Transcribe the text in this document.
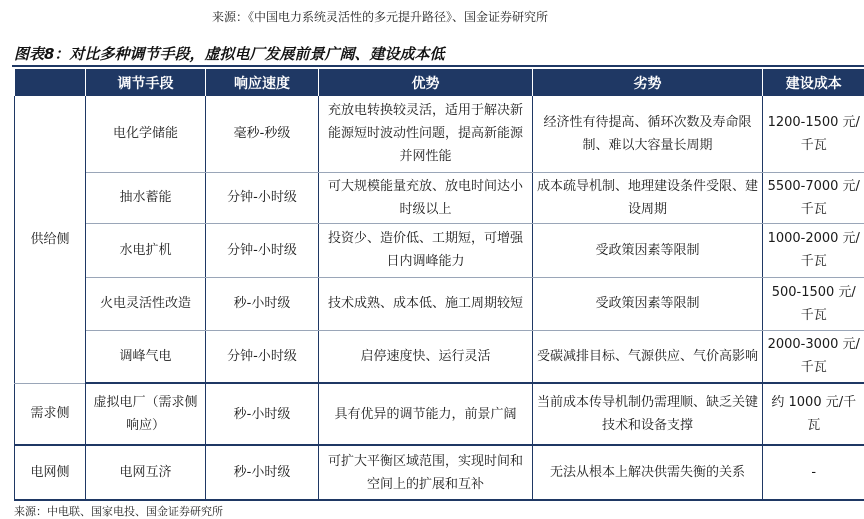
来源：《中国电力系统灵活性的多元提升路径》、国金证券研究所
图表8：对比多种调节手段，虚拟电厂发展前景广阔、建设成本低
	调节手段	响应速度	优势	劣势	建设成本
供给侧	电化学储能	毫秒-秒级	充放电转换较灵活，适用于解决新能源短时波动性问题，提高新能源并网性能	经济性有待提高、循环次数及寿命限制、难以大容量长周期	1200-1500 元/千瓦
	抽水蓄能	分钟-小时级	可大规模能量充放、放电时间达小时级以上	成本疏导机制、地理建设条件受限、建设周期	5500-7000 元/千瓦
	水电扩机	分钟-小时级	投资少、造价低、工期短，可增强日内调峰能力	受政策因素等限制	1000-2000 元/千瓦
	火电灵活性改造	秒-小时级	技术成熟、成本低、施工周期较短	受政策因素等限制	500-1500 元/千瓦
	调峰气电	分钟-小时级	启停速度快、运行灵活	受碳减排目标、气源供应、气价高影响	2000-3000 元/千瓦
需求侧	虚拟电厂（需求侧响应）	秒-小时级	具有优异的调节能力，前景广阔	当前成本传导机制仍需理顺、缺乏关键技术和设备支撑	约 1000 元/千瓦
电网侧	电网互济	秒-小时级	可扩大平衡区域范围，实现时间和空间上的扩展和互补	无法从根本上解决供需失衡的关系	-
来源：中电联、国家电投、国金证券研究所
